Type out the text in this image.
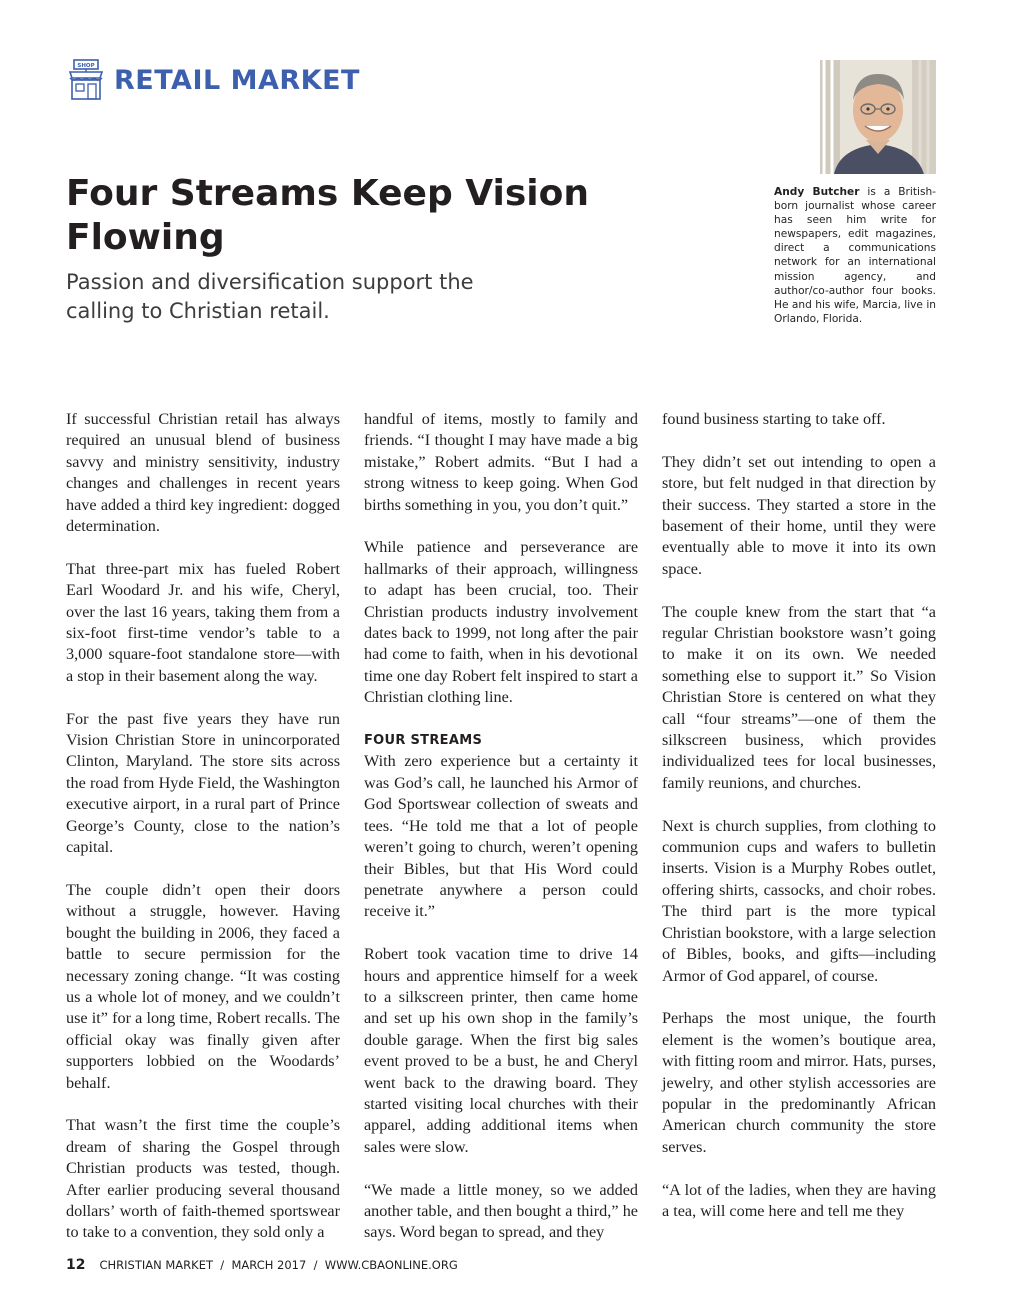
SHOP RETAIL MARKET
Andy Butcher is a British-born journalist whose career has seen him write for newspapers, edit magazines, direct a communications network for an international mission agency, and author/co-author four books. He and his wife, Marcia, live in Orlando, Florida.
Four Streams Keep Vision Flowing

Passion and diversification support the calling to Christian retail.

If successful Christian retail has always required an unusual blend of business savvy and ministry sensitivity, industry changes and challenges in recent years have added a third key ingredient: dogged determination.

That three-part mix has fueled Robert Earl Woodard Jr. and his wife, Cheryl, over the last 16 years, taking them from a six-foot first-time vendor’s table to a 3,000 square-foot standalone store—with a stop in their basement along the way.

For the past five years they have run Vision Christian Store in unincorporated Clinton, Maryland. The store sits across the road from Hyde Field, the Washington executive airport, in a rural part of Prince George’s County, close to the nation’s capital.

The couple didn’t open their doors without a struggle, however. Having bought the building in 2006, they faced a battle to secure permission for the necessary zoning change. “It was costing us a whole lot of money, and we couldn’t use it” for a long time, Robert recalls. The official okay was finally given after supporters lobbied on the Woodards’ behalf.

That wasn’t the first time the couple’s dream of sharing the Gospel through Christian products was tested, though. After earlier producing several thousand dollars’ worth of faith-themed sportswear to take to a convention, they sold only a

handful of items, mostly to family and friends. “I thought I may have made a big mistake,” Robert admits. “But I had a strong witness to keep going. When God births something in you, you don’t quit.”

While patience and perseverance are hallmarks of their approach, willingness to adapt has been crucial, too. Their Christian products industry involvement dates back to 1999, not long after the pair had come to faith, when in his devotional time one day Robert felt inspired to start a Christian clothing line.

FOUR STREAMS

With zero experience but a certainty it was God’s call, he launched his Armor of God Sportswear collection of sweats and tees. “He told me that a lot of people weren’t going to church, weren’t opening their Bibles, but that His Word could penetrate anywhere a person could receive it.”

Robert took vacation time to drive 14 hours and apprentice himself for a week to a silkscreen printer, then came home and set up his own shop in the family’s double garage. When the first big sales event proved to be a bust, he and Cheryl went back to the drawing board. They started visiting local churches with their apparel, adding additional items when sales were slow.

“We made a little money, so we added another table, and then bought a third,” he says. Word began to spread, and they

found business starting to take off.

They didn’t set out intending to open a store, but felt nudged in that direction by their success. They started a store in the basement of their home, until they were eventually able to move it into its own space.

The couple knew from the start that “a regular Christian bookstore wasn’t going to make it on its own. We needed something else to support it.” So Vision Christian Store is centered on what they call “four streams”—one of them the silkscreen business, which provides individualized tees for local businesses, family reunions, and churches.

Next is church supplies, from clothing to communion cups and wafers to bulletin inserts. Vision is a Murphy Robes outlet, offering shirts, cassocks, and choir robes. The third part is the more typical Christian bookstore, with a large selection of Bibles, books, and gifts—including Armor of God apparel, of course.

Perhaps the most unique, the fourth element is the women’s boutique area, with fitting room and mirror. Hats, purses, jewelry, and other stylish accessories are popular in the predominantly African American church community the store serves.

“A lot of the ladies, when they are having a tea, will come here and tell me they

12 CHRISTIAN MARKET  /  MARCH 2017  /  WWW.CBAONLINE.ORG
